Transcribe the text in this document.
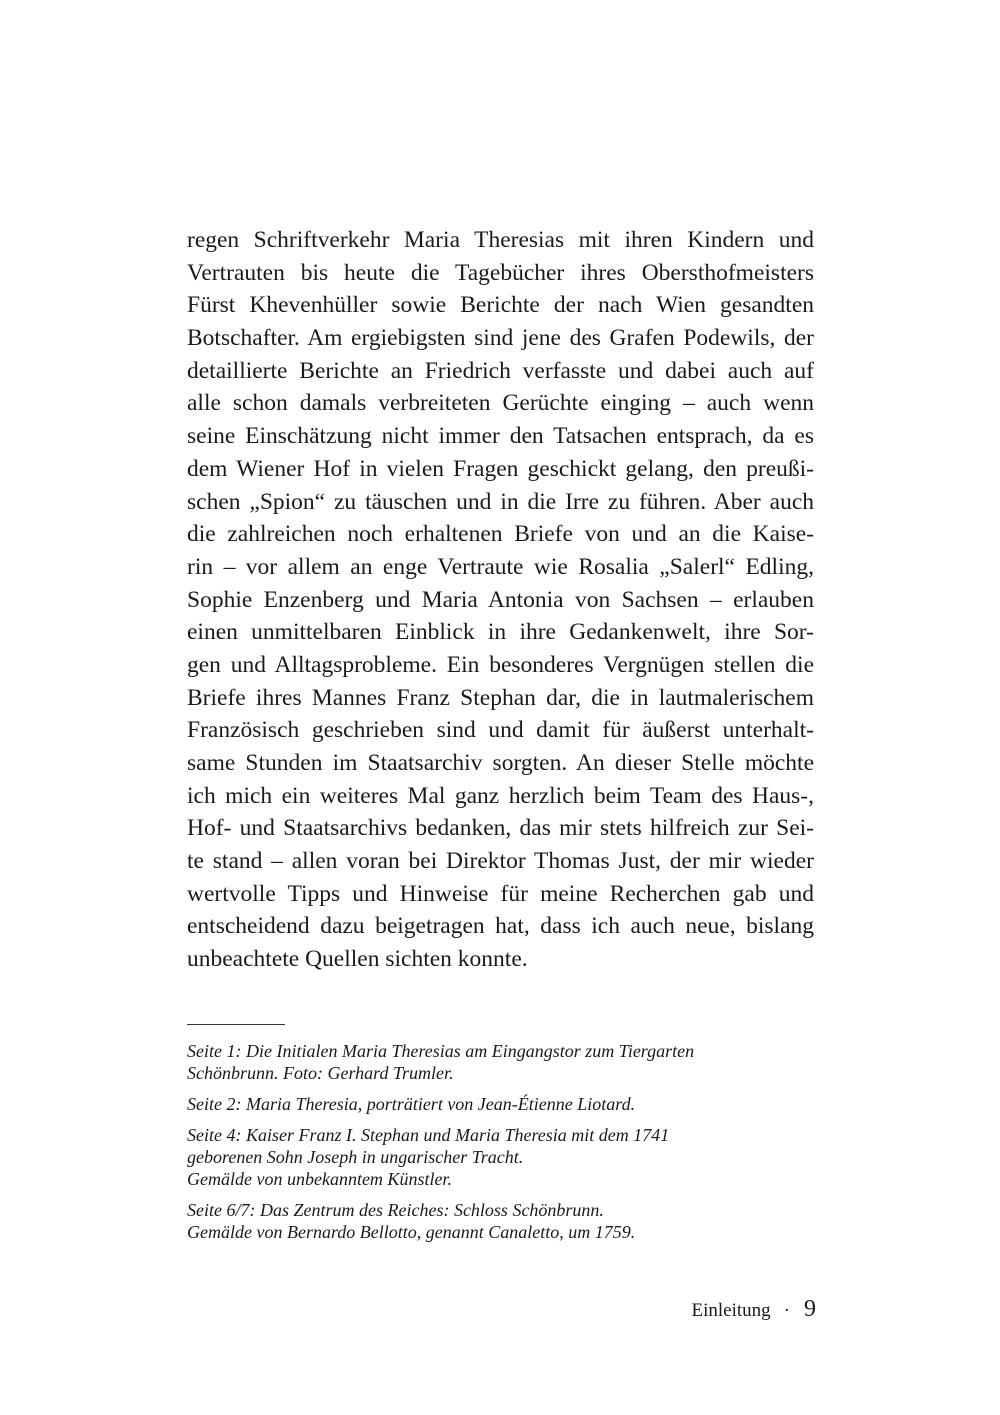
regen Schriftverkehr Maria Theresias mit ihren Kindern und
Vertrauten bis heute die Tagebücher ihres Obersthofmeisters
Fürst Khevenhüller sowie Berichte der nach Wien gesandten
Botschafter. Am ergiebigsten sind jene des Grafen Podewils, der
detaillierte Berichte an Friedrich verfasste und dabei auch auf
alle schon damals verbreiteten Gerüchte einging – auch wenn
seine Einschätzung nicht immer den Tatsachen entsprach, da es
dem Wiener Hof in vielen Fragen geschickt gelang, den preußi-
schen „Spion“ zu täuschen und in die Irre zu führen. Aber auch
die zahlreichen noch erhaltenen Briefe von und an die Kaise-
rin – vor allem an enge Vertraute wie Rosalia „Salerl“ Edling,
Sophie Enzenberg und Maria Antonia von Sachsen – erlauben
einen unmittelbaren Einblick in ihre Gedankenwelt, ihre Sor-
gen und Alltagsprobleme. Ein besonderes Vergnügen stellen die
Briefe ihres Mannes Franz Stephan dar, die in lautmalerischem
Französisch geschrieben sind und damit für äußerst unterhalt-
same Stunden im Staatsarchiv sorgten. An dieser Stelle möchte
ich mich ein weiteres Mal ganz herzlich beim Team des Haus-,
Hof- und Staatsarchivs bedanken, das mir stets hilfreich zur Sei-
te stand – allen voran bei Direktor Thomas Just, der mir wieder
wertvolle Tipps und Hinweise für meine Recherchen gab und
entscheidend dazu beigetragen hat, dass ich auch neue, bislang
unbeachtete Quellen sichten konnte.

Seite 1: Die Initialen Maria Theresias am Eingangstor zum Tiergarten
Schönbrunn. Foto: Gerhard Trumler.

Seite 2: Maria Theresia, porträtiert von Jean-Étienne Liotard.

Seite 4: Kaiser Franz I. Stephan und Maria Theresia mit dem 1741
geborenen Sohn Joseph in ungarischer Tracht.
Gemälde von unbekanntem Künstler.

Seite 6/7: Das Zentrum des Reiches: Schloss Schönbrunn.
Gemälde von Bernardo Bellotto, genannt Canaletto, um 1759.

Einleitung · 9
